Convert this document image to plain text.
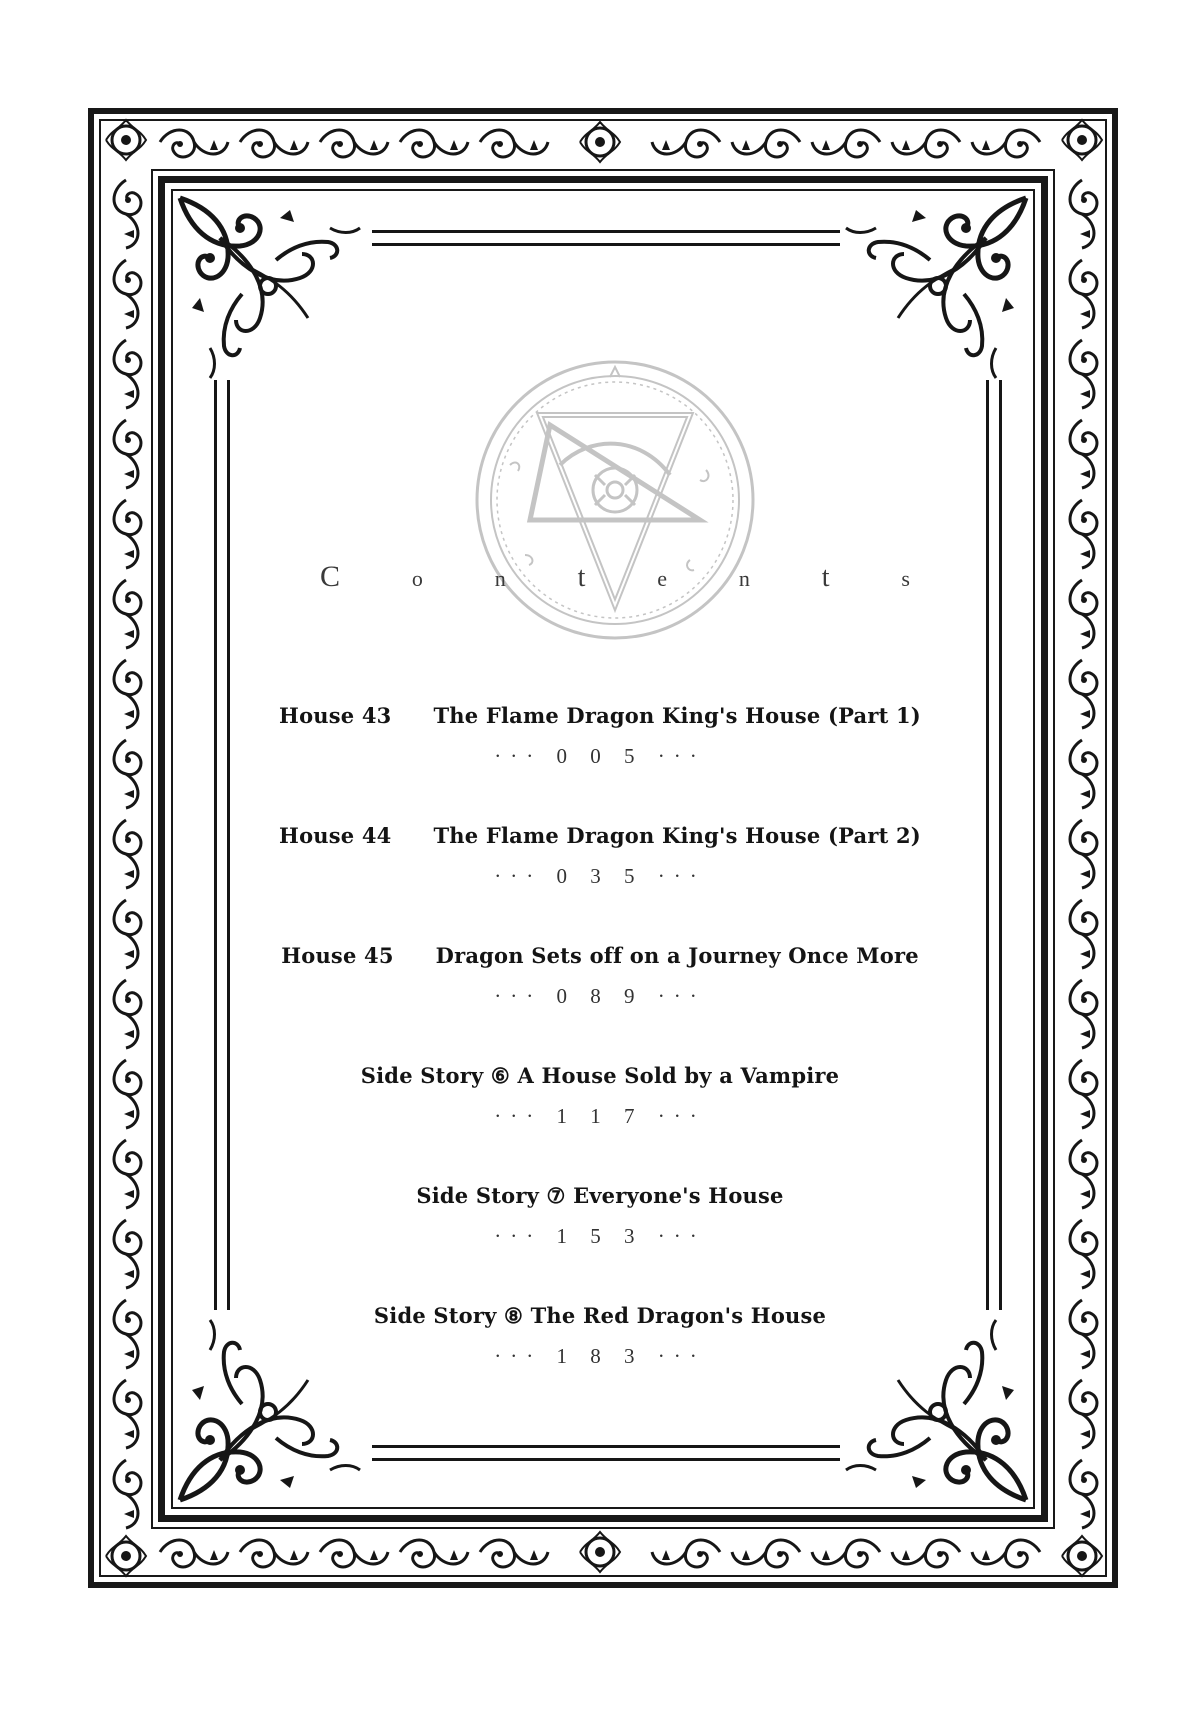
C	o	n	t	e	n	t	s
House 43 The Flame Dragon King's House (Part 1)
··· 0 0 5 ···
House 44 The Flame Dragon King's House (Part 2)
··· 0 3 5 ···
House 45 Dragon Sets off on a Journey Once More
··· 0 8 9 ···
Side Story ⑥ A House Sold by a Vampire
··· 1 1 7 ···
Side Story ⑦ Everyone's House
··· 1 5 3 ···
Side Story ⑧ The Red Dragon's House
··· 1 8 3 ···
